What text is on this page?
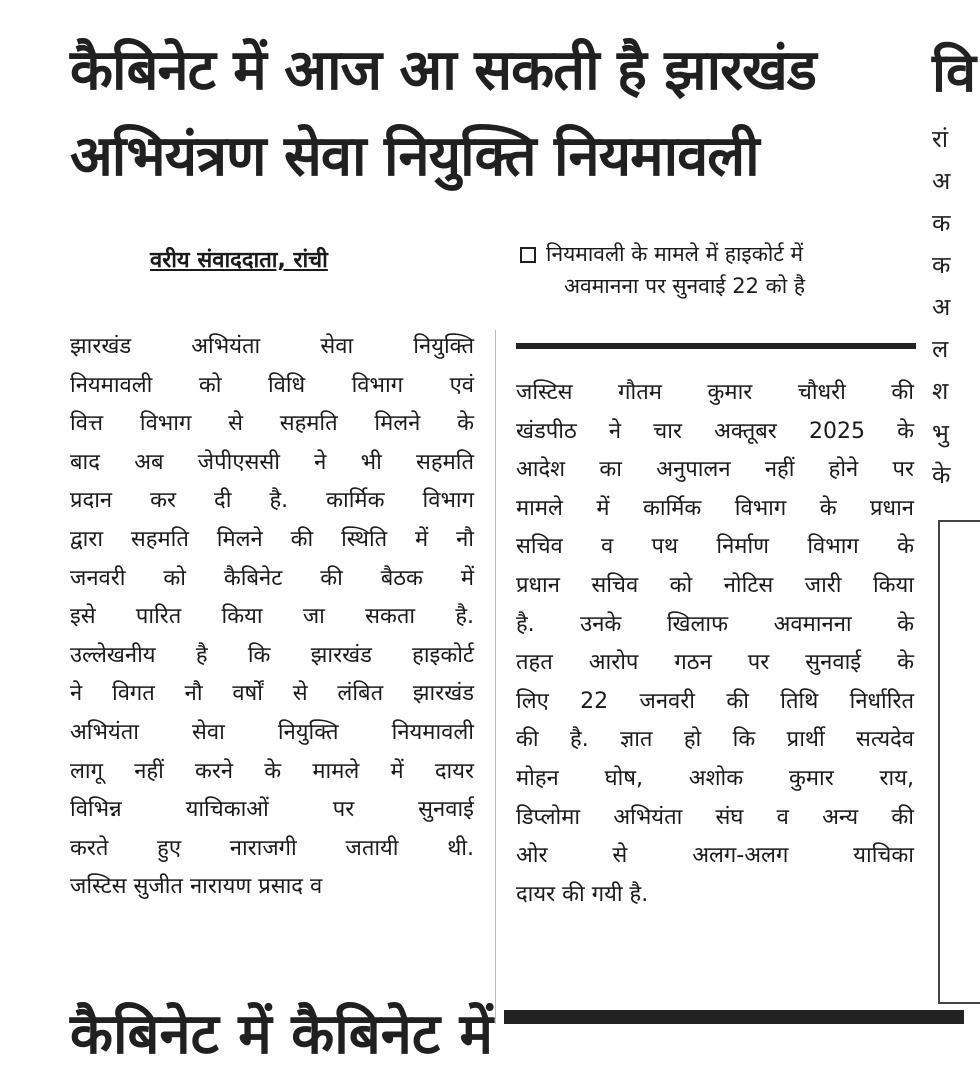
कैबिनेट में आज आ सकती है झारखंड
अभियंत्रण सेवा नियुक्ति नियमावली
वरीय संवाददाता, रांची	नियमावली के मामले में हाइकोर्ट में
अवमानना पर सुनवाई 22 को है
झारखंड अभियंता सेवा नियुक्ति
नियमावली को विधि विभाग एवं
वित्त विभाग से सहमति मिलने के
बाद अब जेपीएससी ने भी सहमति
प्रदान कर दी है. कार्मिक विभाग
द्वारा सहमति मिलने की स्थिति में नौ
जनवरी को कैबिनेट की बैठक में
इसे पारित किया जा सकता है.
उल्लेखनीय है कि झारखंड हाइकोर्ट
ने विगत नौ वर्षों से लंबित झारखंड
अभियंता सेवा नियुक्ति नियमावली
लागू नहीं करने के मामले में दायर
विभिन्न याचिकाओं पर सुनवाई
करते हुए नाराजगी जतायी थी.
जस्टिस सुजीत नारायण प्रसाद व
जस्टिस गौतम कुमार चौधरी की
खंडपीठ ने चार अक्तूबर 2025 के
आदेश का अनुपालन नहीं होने पर
मामले में कार्मिक विभाग के प्रधान
सचिव व पथ निर्माण विभाग के
प्रधान सचिव को नोटिस जारी किया
है. उनके खिलाफ अवमानना के
तहत आरोप गठन पर सुनवाई के
लिए 22 जनवरी की तिथि निर्धारित
की है. ज्ञात हो कि प्रार्थी सत्यदेव
मोहन घोष, अशोक कुमार राय,
डिप्लोमा अभियंता संघ व अन्य की
ओर से अलग-अलग याचिका
दायर की गयी है.
वि
रां
अ
क
क
अ
ल
श
भु
के
कैबिनेट में कैबिनेट में
